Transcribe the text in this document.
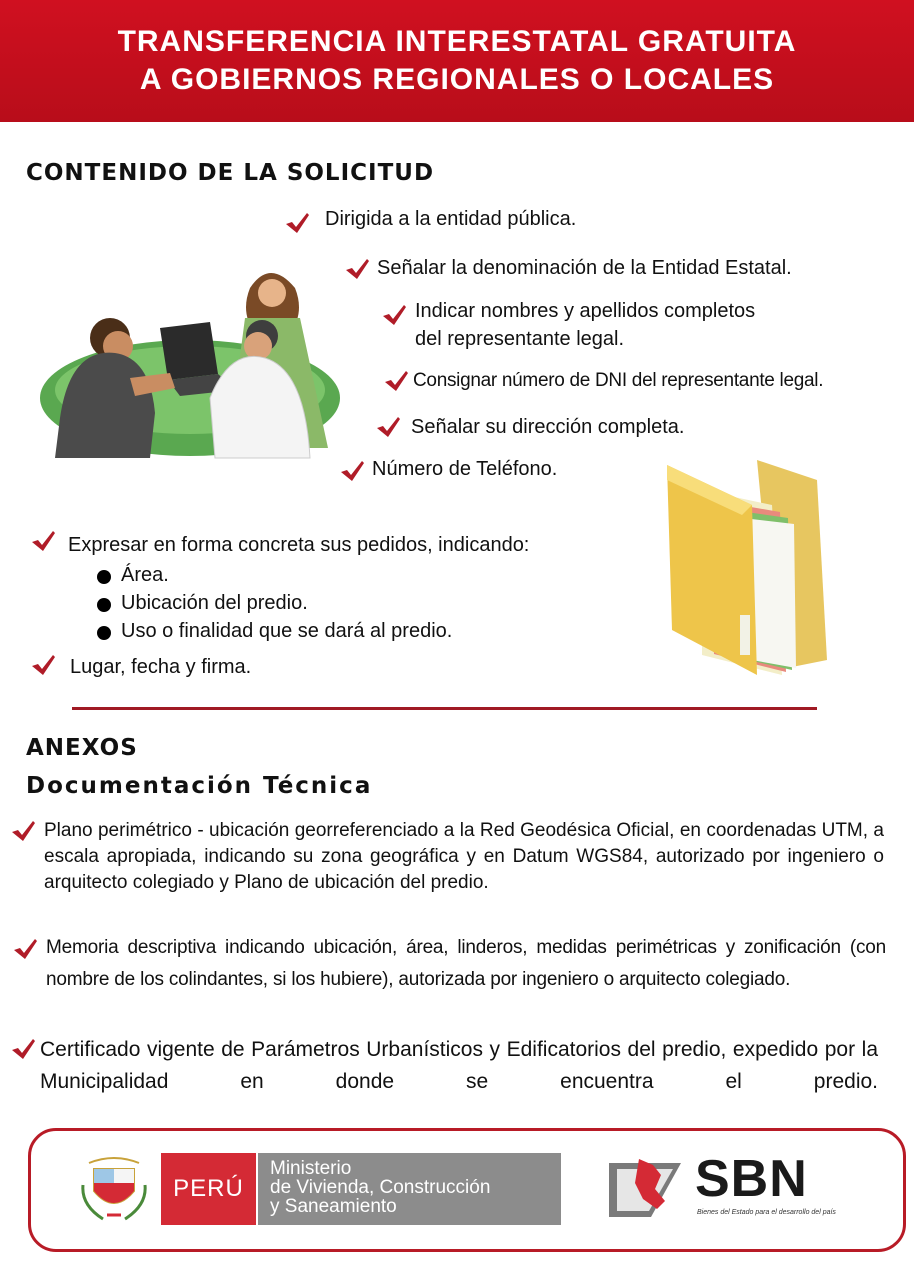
TRANSFERENCIA INTERESTATAL GRATUITA
A GOBIERNOS REGIONALES O LOCALES
CONTENIDO DE LA SOLICITUD
Dirigida a la entidad pública.
Señalar la denominación de la Entidad Estatal.
Indicar nombres y apellidos completos
del representante legal.
Consignar número de DNI del representante legal.
Señalar su dirección completa.
Número de Teléfono.
Expresar en forma concreta sus pedidos, indicando:
Área.
Ubicación del predio.
Uso o finalidad que se dará al predio.
Lugar, fecha y firma.
ANEXOS
Documentación Técnica
Plano perimétrico - ubicación georreferenciado a la Red Geodésica Oficial, en coordenadas UTM, a escala apropiada, indicando su zona geográfica y en Datum WGS84, autorizado por ingeniero o arquitecto colegiado y Plano de ubicación del predio.
Memoria descriptiva indicando ubicación, área, linderos, medidas perimétricas y zonificación (con nombre de los colindantes, si los hubiere), autorizada por ingeniero o arquitecto colegiado.
Certificado vigente de Parámetros Urbanísticos y Edificatorios del predio, expedido por la Municipalidad en donde se encuentra el predio.
PERÚ
Ministerio
de Vivienda, Construcción
y Saneamiento	SBN
Bienes del Estado para el desarrollo del país
